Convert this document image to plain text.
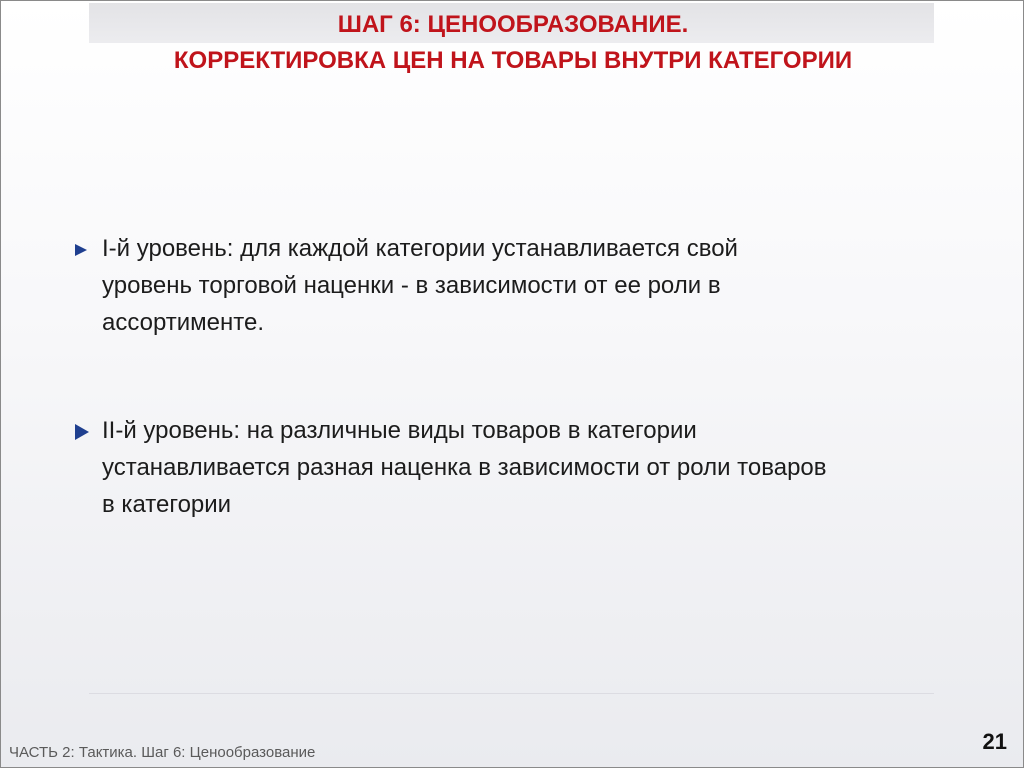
ШАГ 6: ЦЕНООБРАЗОВАНИЕ.
КОРРЕКТИРОВКА ЦЕН НА ТОВАРЫ ВНУТРИ КАТЕГОРИИ
I-й уровень: для каждой категории устанавливается свой
уровень торговой наценки - в зависимости от ее роли в
ассортименте.
II-й уровень: на различные виды товаров в категории
устанавливается разная наценка в зависимости от роли товаров
в категории
ЧАСТЬ 2: Тактика. Шаг 6: Ценообразование	21
